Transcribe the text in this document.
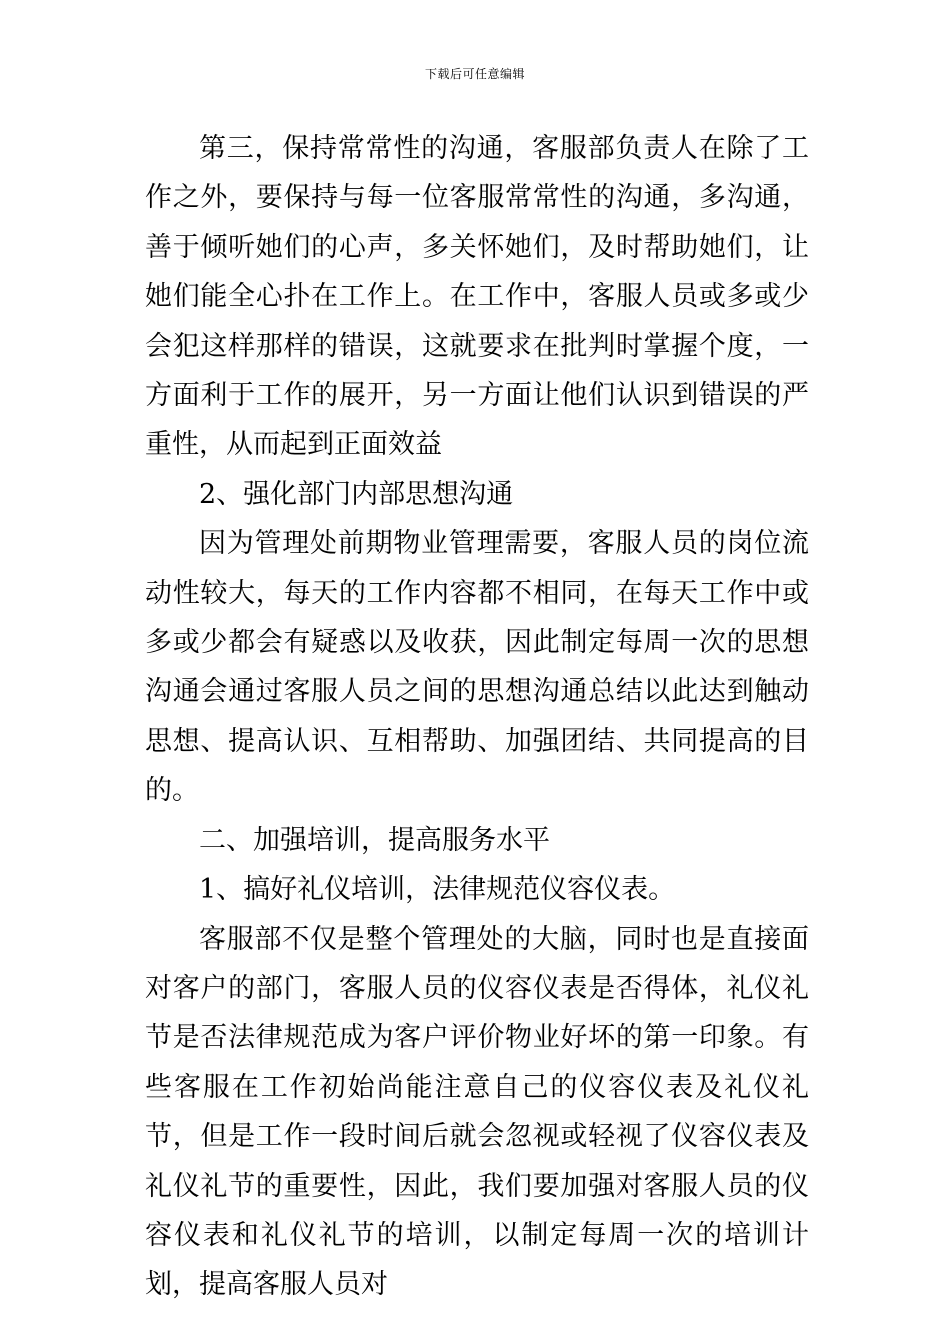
下载后可任意编辑

第三，保持常常性的沟通，客服部负责人在除了工作之外，要保持与每一位客服常常性的沟通，多沟通，善于倾听她们的心声，多关怀她们，及时帮助她们，让她们能全心扑在工作上。在工作中，客服人员或多或少会犯这样那样的错误，这就要求在批判时掌握个度，一方面利于工作的展开，另一方面让他们认识到错误的严重性，从而起到正面效益

2、强化部门内部思想沟通

因为管理处前期物业管理需要，客服人员的岗位流动性较大，每天的工作内容都不相同，在每天工作中或多或少都会有疑惑以及收获，因此制定每周一次的思想沟通会通过客服人员之间的思想沟通总结以此达到触动思想、提高认识、互相帮助、加强团结、共同提高的目的。

二、加强培训，提高服务水平

1、搞好礼仪培训，法律规范仪容仪表。

客服部不仅是整个管理处的大脑，同时也是直接面对客户的部门，客服人员的仪容仪表是否得体，礼仪礼节是否法律规范成为客户评价物业好坏的第一印象。有些客服在工作初始尚能注意自己的仪容仪表及礼仪礼节，但是工作一段时间后就会忽视或轻视了仪容仪表及礼仪礼节的重要性，因此，我们要加强对客服人员的仪容仪表和礼仪礼节的培训，以制定每周一次的培训计划，提高客服人员对
